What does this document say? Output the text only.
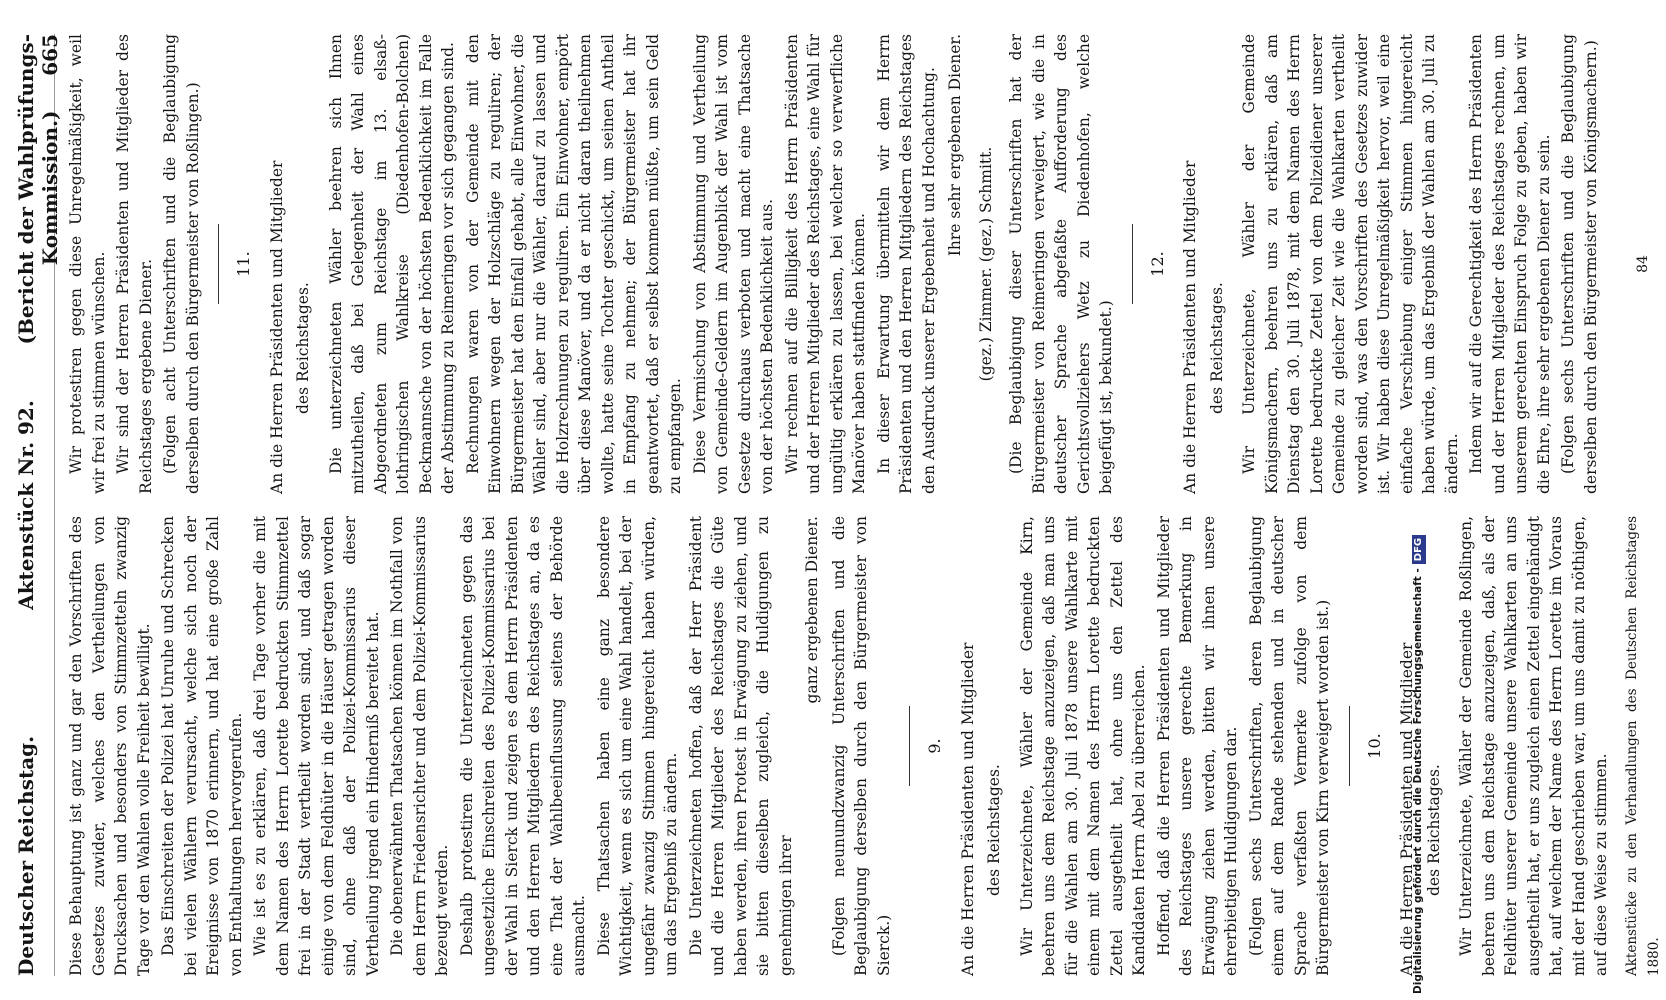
Deutscher Reichstag.
Aktenstück Nr. 92.
(Bericht der Wahlprüfungs-Kommission.)     665

Diese Behauptung ist ganz und gar den Vorschriften des Gesetzes zuwider, welches den Vertheilungen von Drucksachen und besonders von Stimmzetteln zwanzig Tage vor den Wahlen volle Freiheit bewilligt. Das Einschreiten der Polizei hat Unruhe und Schrecken bei vielen Wählern verursacht, welche sich noch der Ereignisse von 1870 erinnern, und hat eine große Zahl von Enthaltungen hervorgerufen. Wie ist es zu erklären, daß drei Tage vorher die mit dem Namen des Herrn Lorette bedruckten Stimmzettel frei in der Stadt vertheilt worden sind, und daß sogar einige von dem Feldhüter in die Häuser getragen worden sind, ohne daß der Polizei-Kommissarius dieser Vertheilung irgend ein Hinderniß bereitet hat. Die obenerwähnten Thatsachen können im Nothfall von dem Herrn Friedensrichter und dem Polizei-Kommissarius bezeugt werden. Deshalb protestiren die Unterzeichneten gegen das ungesetzliche Einschreiten des Polizei-Kommissarius bei der Wahl in Sierck und zeigen es dem Herrn Präsidenten und den Herren Mitgliedern des Reichstages an, da es eine That der Wahlbeeinflussung seitens der Behörde ausmacht. Diese Thatsachen haben eine ganz besondere Wichtigkeit, wenn es sich um eine Wahl handelt, bei der ungefähr zwanzig Stimmen hingereicht haben würden, um das Ergebniß zu ändern. Die Unterzeichneten hoffen, daß der Herr Präsident und die Herren Mitglieder des Reichstages die Güte haben werden, ihren Protest in Erwägung zu ziehen, und sie bitten dieselben zugleich, die Huldigungen zu genehmigen ihrer

ganz ergebenen Diener. (Folgen neunundzwanzig Unterschriften und die Beglaubigung derselben durch den Bürgermeister von Sierck.)

9. An die Herren Präsidenten und Mitglieder des Reichstages. Wir Unterzeichnete, Wähler der Gemeinde Kirn, beehren uns dem Reichstage anzuzeigen, daß man uns für die Wahlen am 30. Juli 1878 unsere Wahlkarte mit einem mit dem Namen des Herrn Lorette bedruckten Zettel ausgetheilt hat, ohne uns den Zettel des Kandidaten Herrn Abel zu überreichen. Hoffend, daß die Herren Präsidenten und Mitglieder des Reichstages unsere gerechte Bemerkung in Erwägung ziehen werden, bitten wir ihnen unsere ehrerbietigen Huldigungen dar. (Folgen sechs Unterschriften, deren Beglaubigung einem auf dem Rande stehenden und in deutscher Sprache verfaßten Vermerke zufolge von dem Bürgermeister von Kirn verweigert worden ist.) 10. An die Herren Präsidenten und Mitglieder des Reichstages. Wir Unterzeichnete, Wähler der Gemeinde Roßlingen, beehren uns dem Reichstage anzuzeigen, daß, als der Feldhüter unserer Gemeinde unsere Wahlkarten an uns ausgetheilt hat, er uns zugleich einen Zettel eingehändigt hat, auf welchem der Name des Herrn Lorette im Voraus mit der Hand geschrieben war, um uns damit zu nöthigen, auf diese Weise zu stimmen. Aktenstücke zu den Verhandlungen des Deutschen Reichstages 1880.

Wir protestiren gegen diese Unregelmäßigkeit, weil wir frei zu stimmen wünschen. Wir sind der Herren Präsidenten und Mitglieder des Reichstages ergebene Diener. (Folgen acht Unterschriften und die Beglaubigung derselben durch den Bürgermeister von Roßlingen.) 11. An die Herren Präsidenten und Mitglieder des Reichstages. Die unterzeichneten Wähler beehren sich Ihnen mitzutheilen, daß bei Gelegenheit der Wahl eines Abgeordneten zum Reichstage im 13. elsaß-lothringischen Wahlkreise (Diedenhofen-Bolchen) Beckmannsche von der höchsten Bedenklichkeit im Falle der Abstimmung zu Reimeringen vor sich gegangen sind. Rechnungen waren von der Gemeinde mit den Einwohnern wegen der Holzschläge zu reguliren; der Bürgermeister hat den Einfall gehabt, alle Einwohner, die Wähler sind, aber nur die Wähler, darauf zu lassen und die Holzrechnungen zu reguliren. Ein Einwohner, empört über diese Manöver, und da er nicht daran theilnehmen wollte, hatte seine Tochter geschickt, um seinen Antheil in Empfang zu nehmen; der Bürgermeister hat ihr geantwortet, daß er selbst kommen müßte, um sein Geld zu empfangen. Diese Vermischung von Abstimmung und Vertheilung von Gemeinde-Geldern im Augenblick der Wahl ist vom Gesetze durchaus verboten und macht eine Thatsache von der höchsten Bedenklichkeit aus. Wir rechnen auf die Billigkeit des Herrn Präsidenten und der Herren Mitglieder des Reichstages, eine Wahl für ungültig erklären zu lassen, bei welcher so verwerfliche Manöver haben stattfinden können. In dieser Erwartung übermitteln wir dem Herrn Präsidenten und den Herren Mitgliedern des Reichstages den Ausdruck unserer Ergebenheit und Hochachtung. Ihre sehr ergebenen Diener.
(gez.) Zimmer. (gez.) Schmitt. (Die Beglaubigung dieser Unterschriften hat der Bürgermeister von Reimeringen verweigert, wie die in deutscher Sprache abgefaßte Aufforderung des Gerichtsvollziehers Wetz zu Diedenhofen, welche beigefügt ist, bekundet.)

12. An die Herren Präsidenten und Mitglieder des Reichstages. Wir Unterzeichnete, Wähler der Gemeinde Königsmachern, beehren uns zu erklären, daß am Dienstag den 30. Juli 1878, mit dem Namen des Herrn Lorette bedruckte Zettel von dem Polizeidiener unserer Gemeinde zu gleicher Zeit wie die Wahlkarten vertheilt worden sind, was den Vorschriften des Gesetzes zuwider ist. Wir haben diese Unregelmäßigkeit hervor, weil eine einfache Verschiebung einiger Stimmen hingereicht haben würde, um das Ergebniß der Wahlen am 30. Juli zu ändern. Indem wir auf die Gerechtigkeit des Herrn Präsidenten und der Herren Mitglieder des Reichstages rechnen, um unserem gerechten Einspruch Folge zu geben, haben wir die Ehre, ihre sehr ergebenen Diener zu sein. (Folgen sechs Unterschriften und die Beglaubigung derselben durch den Bürgermeister von Königsmachern.)	84
Digitalisierung gefördert durch die Deutsche Forschungsgemeinschaft -DFG
